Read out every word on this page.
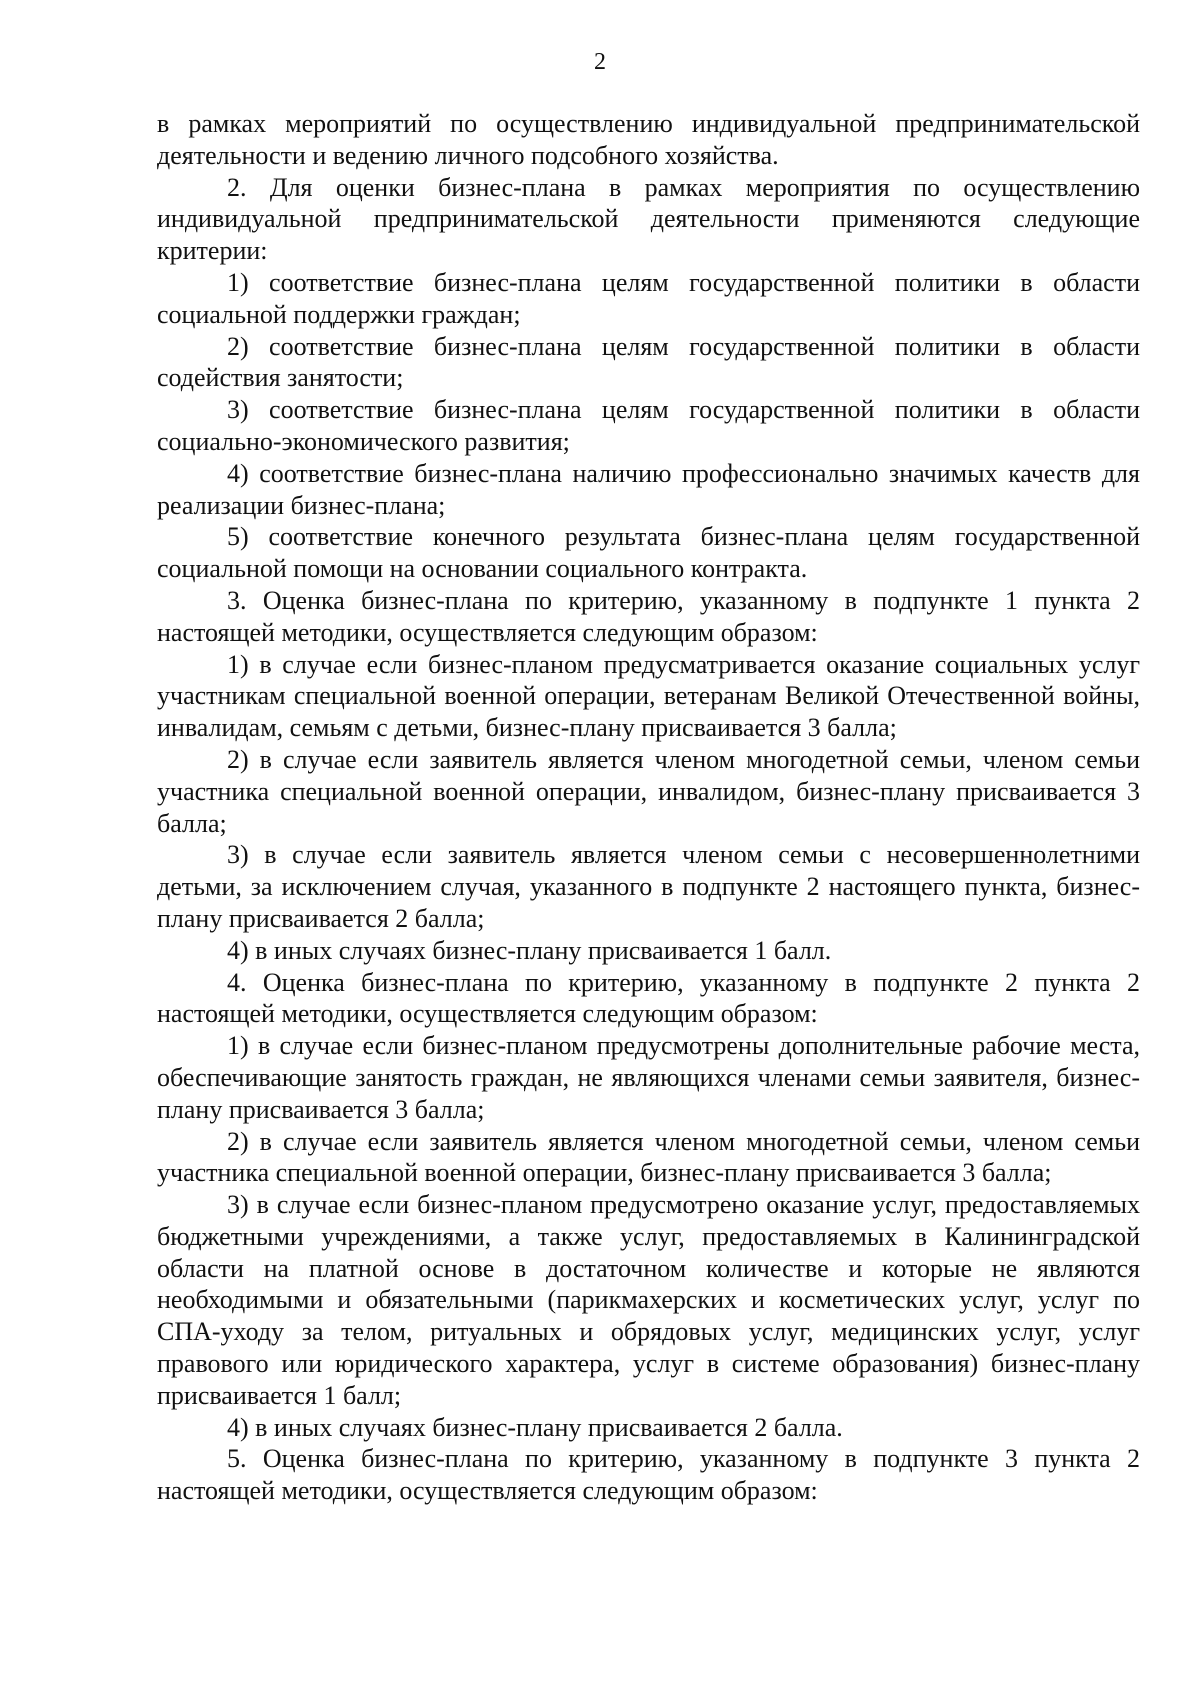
2

в рамках мероприятий по осуществлению индивидуальной предпринимательской деятельности и ведению личного подсобного хозяйства.

2. Для оценки бизнес-плана в рамках мероприятия по осуществлению индивидуальной предпринимательской деятельности применяются следующие критерии:

1) соответствие бизнес-плана целям государственной политики в области социальной поддержки граждан;

2) соответствие бизнес-плана целям государственной политики в области содействия занятости;

3) соответствие бизнес-плана целям государственной политики в области социально-экономического развития;

4) соответствие бизнес-плана наличию профессионально значимых качеств для реализации бизнес-плана;

5) соответствие конечного результата бизнес-плана целям государственной социальной помощи на основании социального контракта.

3. Оценка бизнес-плана по критерию, указанному в подпункте 1 пункта 2 настоящей методики, осуществляется следующим образом:

1) в случае если бизнес-планом предусматривается оказание социальных услуг участникам специальной военной операции, ветеранам Великой Отечественной войны, инвалидам, семьям с детьми, бизнес-плану присваивается 3 балла;

2) в случае если заявитель является членом многодетной семьи, членом семьи участника специальной военной операции, инвалидом, бизнес-плану присваивается 3 балла;

3) в случае если заявитель является членом семьи с несовершеннолетними детьми, за исключением случая, указанного в подпункте 2 настоящего пункта, бизнес-плану присваивается 2 балла;

4) в иных случаях бизнес-плану присваивается 1 балл.

4. Оценка бизнес-плана по критерию, указанному в подпункте 2 пункта 2 настоящей методики, осуществляется следующим образом:

1) в случае если бизнес-планом предусмотрены дополнительные рабочие места, обеспечивающие занятость граждан, не являющихся членами семьи заявителя, бизнес-плану присваивается 3 балла;

2) в случае если заявитель является членом многодетной семьи, членом семьи участника специальной военной операции, бизнес-плану присваивается 3 балла;

3) в случае если бизнес-планом предусмотрено оказание услуг, предоставляемых бюджетными учреждениями, а также услуг, предоставляемых в Калининградской области на платной основе в достаточном количестве и которые не являются необходимыми и обязательными (парикмахерских и косметических услуг, услуг по СПА-уходу за телом, ритуальных и обрядовых услуг, медицинских услуг, услуг правового или юридического характера, услуг в системе образования) бизнес-плану присваивается 1 балл;

4) в иных случаях бизнес-плану присваивается 2 балла.

5. Оценка бизнес-плана по критерию, указанному в подпункте 3 пункта 2 настоящей методики, осуществляется следующим образом:
